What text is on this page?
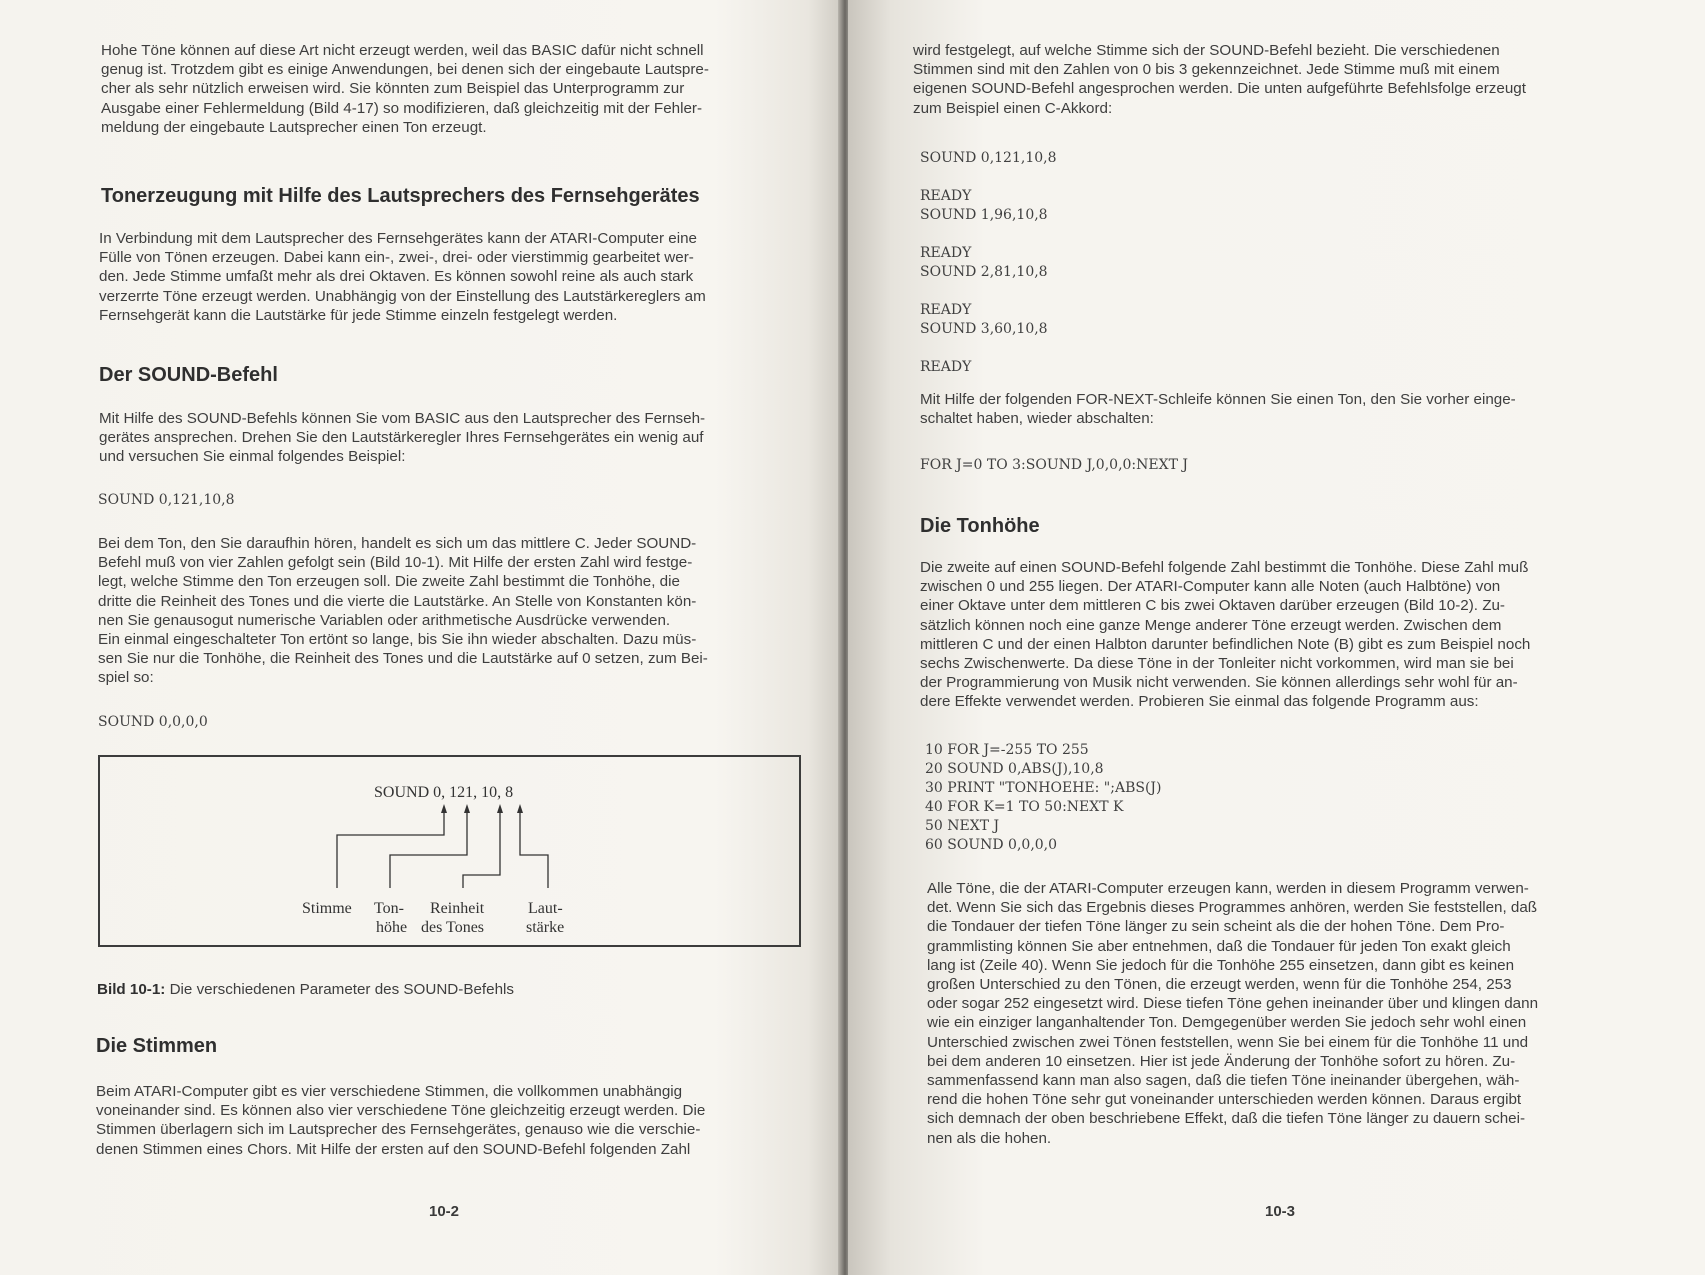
Hohe Töne können auf diese Art nicht erzeugt werden, weil das BASIC dafür nicht schnell
genug ist. Trotzdem gibt es einige Anwendungen, bei denen sich der eingebaute Lautspre-
cher als sehr nützlich erweisen wird. Sie könnten zum Beispiel das Unterprogramm zur
Ausgabe einer Fehlermeldung (Bild 4-17) so modifizieren, daß gleichzeitig mit der Fehler-
meldung der eingebaute Lautsprecher einen Ton erzeugt.

Tonerzeugung mit Hilfe des Lautsprechers des Fernsehgerätes

In Verbindung mit dem Lautsprecher des Fernsehgerätes kann der ATARI-Computer eine
Fülle von Tönen erzeugen. Dabei kann ein-, zwei-, drei- oder vierstimmig gearbeitet wer-
den. Jede Stimme umfaßt mehr als drei Oktaven. Es können sowohl reine als auch stark
verzerrte Töne erzeugt werden. Unabhängig von der Einstellung des Lautstärkereglers am
Fernsehgerät kann die Lautstärke für jede Stimme einzeln festgelegt werden.

Der SOUND-Befehl

Mit Hilfe des SOUND-Befehls können Sie vom BASIC aus den Lautsprecher des Fernseh-
gerätes ansprechen. Drehen Sie den Lautstärkeregler Ihres Fernsehgerätes ein wenig auf
und versuchen Sie einmal folgendes Beispiel:

SOUND 0,121,10,8

Bei dem Ton, den Sie daraufhin hören, handelt es sich um das mittlere C. Jeder SOUND-
Befehl muß von vier Zahlen gefolgt sein (Bild 10-1). Mit Hilfe der ersten Zahl wird festge-
legt, welche Stimme den Ton erzeugen soll. Die zweite Zahl bestimmt die Tonhöhe, die
dritte die Reinheit des Tones und die vierte die Lautstärke. An Stelle von Konstanten kön-
nen Sie genausogut numerische Variablen oder arithmetische Ausdrücke verwenden.
Ein einmal eingeschalteter Ton ertönt so lange, bis Sie ihn wieder abschalten. Dazu müs-
sen Sie nur die Tonhöhe, die Reinheit des Tones und die Lautstärke auf 0 setzen, zum Bei-
spiel so:

SOUND 0,0,0,0
SOUND 0, 121, 10, 8
Stimme Ton-
höhe
Reinheit
des Tones
Laut-
stärke
Bild 10-1: Die verschiedenen Parameter des SOUND-Befehls
Die Stimmen

Beim ATARI-Computer gibt es vier verschiedene Stimmen, die vollkommen unabhängig
voneinander sind. Es können also vier verschiedene Töne gleichzeitig erzeugt werden. Die
Stimmen überlagern sich im Lautsprecher des Fernsehgerätes, genauso wie die verschie-
denen Stimmen eines Chors. Mit Hilfe der ersten auf den SOUND-Befehl folgenden Zahl

10-2

wird festgelegt, auf welche Stimme sich der SOUND-Befehl bezieht. Die verschiedenen
Stimmen sind mit den Zahlen von 0 bis 3 gekennzeichnet. Jede Stimme muß mit einem
eigenen SOUND-Befehl angesprochen werden. Die unten aufgeführte Befehlsfolge erzeugt
zum Beispiel einen C-Akkord:

SOUND 0,121,10,8
READY
SOUND 1,96,10,8
READY
SOUND 2,81,10,8
READY
SOUND 3,60,10,8
READY

Mit Hilfe der folgenden FOR-NEXT-Schleife können Sie einen Ton, den Sie vorher einge-
schaltet haben, wieder abschalten:

FOR J=0 TO 3:SOUND J,0,0,0:NEXT J
Die Tonhöhe

Die zweite auf einen SOUND-Befehl folgende Zahl bestimmt die Tonhöhe. Diese Zahl muß
zwischen 0 und 255 liegen. Der ATARI-Computer kann alle Noten (auch Halbtöne) von
einer Oktave unter dem mittleren C bis zwei Oktaven darüber erzeugen (Bild 10-2). Zu-
sätzlich können noch eine ganze Menge anderer Töne erzeugt werden. Zwischen dem
mittleren C und der einen Halbton darunter befindlichen Note (B) gibt es zum Beispiel noch
sechs Zwischenwerte. Da diese Töne in der Tonleiter nicht vorkommen, wird man sie bei
der Programmierung von Musik nicht verwenden. Sie können allerdings sehr wohl für an-
dere Effekte verwendet werden. Probieren Sie einmal das folgende Programm aus:

10 FOR J=-255 TO 255
20 SOUND 0,ABS(J),10,8
30 PRINT "TONHOEHE: ";ABS(J)
40 FOR K=1 TO 50:NEXT K
50 NEXT J
60 SOUND 0,0,0,0

Alle Töne, die der ATARI-Computer erzeugen kann, werden in diesem Programm verwen-
det. Wenn Sie sich das Ergebnis dieses Programmes anhören, werden Sie feststellen, daß
die Tondauer der tiefen Töne länger zu sein scheint als die der hohen Töne. Dem Pro-
grammlisting können Sie aber entnehmen, daß die Tondauer für jeden Ton exakt gleich
lang ist (Zeile 40). Wenn Sie jedoch für die Tonhöhe 255 einsetzen, dann gibt es keinen
großen Unterschied zu den Tönen, die erzeugt werden, wenn für die Tonhöhe 254, 253
oder sogar 252 eingesetzt wird. Diese tiefen Töne gehen ineinander über und klingen dann
wie ein einziger langanhaltender Ton. Demgegenüber werden Sie jedoch sehr wohl einen
Unterschied zwischen zwei Tönen feststellen, wenn Sie bei einem für die Tonhöhe 11 und
bei dem anderen 10 einsetzen. Hier ist jede Änderung der Tonhöhe sofort zu hören. Zu-
sammenfassend kann man also sagen, daß die tiefen Töne ineinander übergehen, wäh-
rend die hohen Töne sehr gut voneinander unterschieden werden können. Daraus ergibt
sich demnach der oben beschriebene Effekt, daß die tiefen Töne länger zu dauern schei-
nen als die hohen.

10-3
